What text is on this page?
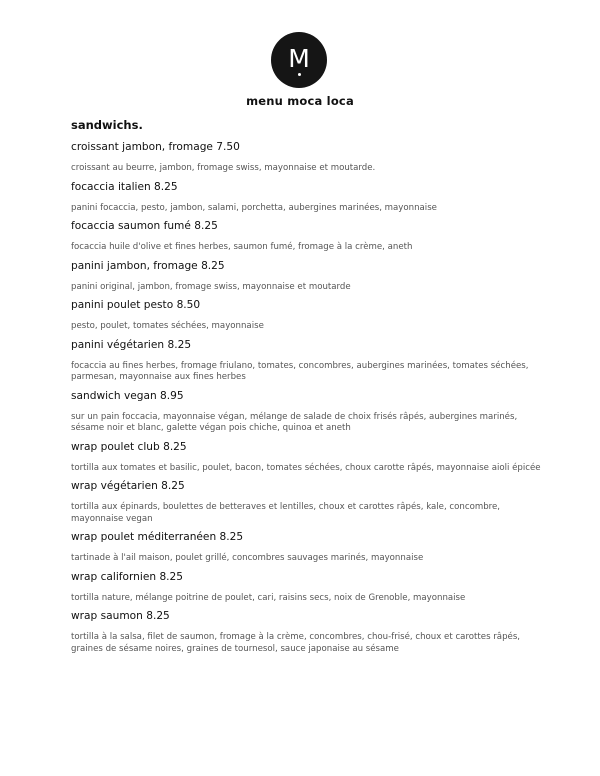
M
menu moca loca
sandwichs.
croissant jambon, fromage 7.50
croissant au beurre, jambon, fromage swiss, mayonnaise et moutarde.
focaccia italien 8.25
panini focaccia, pesto, jambon, salami, porchetta, aubergines marinées, mayonnaise
focaccia saumon fumé 8.25
focaccia huile d'olive et fines herbes, saumon fumé, fromage à la crème, aneth
panini jambon, fromage 8.25
panini original, jambon, fromage swiss, mayonnaise et moutarde
panini poulet pesto 8.50
pesto, poulet, tomates séchées, mayonnaise
panini végétarien 8.25
focaccia au fines herbes, fromage friulano, tomates, concombres, aubergines marinées, tomates séchées, parmesan, mayonnaise aux fines herbes
sandwich vegan 8.95
sur un pain foccacia, mayonnaise végan, mélange de salade de choix frisés râpés, aubergines marinés, sésame noir et blanc, galette végan pois chiche, quinoa et aneth
wrap poulet club 8.25
tortilla aux tomates et basilic, poulet, bacon, tomates séchées, choux carotte râpés, mayonnaise aioli épicée
wrap végétarien 8.25
tortilla aux épinards, boulettes de betteraves et lentilles, choux et carottes râpés, kale, concombre, mayonnaise vegan
wrap poulet méditerranéen 8.25
tartinade à l'ail maison, poulet grillé, concombres sauvages marinés, mayonnaise
wrap californien 8.25
tortilla nature, mélange poitrine de poulet, cari, raisins secs, noix de Grenoble, mayonnaise
wrap saumon 8.25
tortilla à la salsa, filet de saumon, fromage à la crème, concombres, chou-frisé, choux et carottes râpés, graines de sésame noires, graines de tournesol, sauce japonaise au sésame
